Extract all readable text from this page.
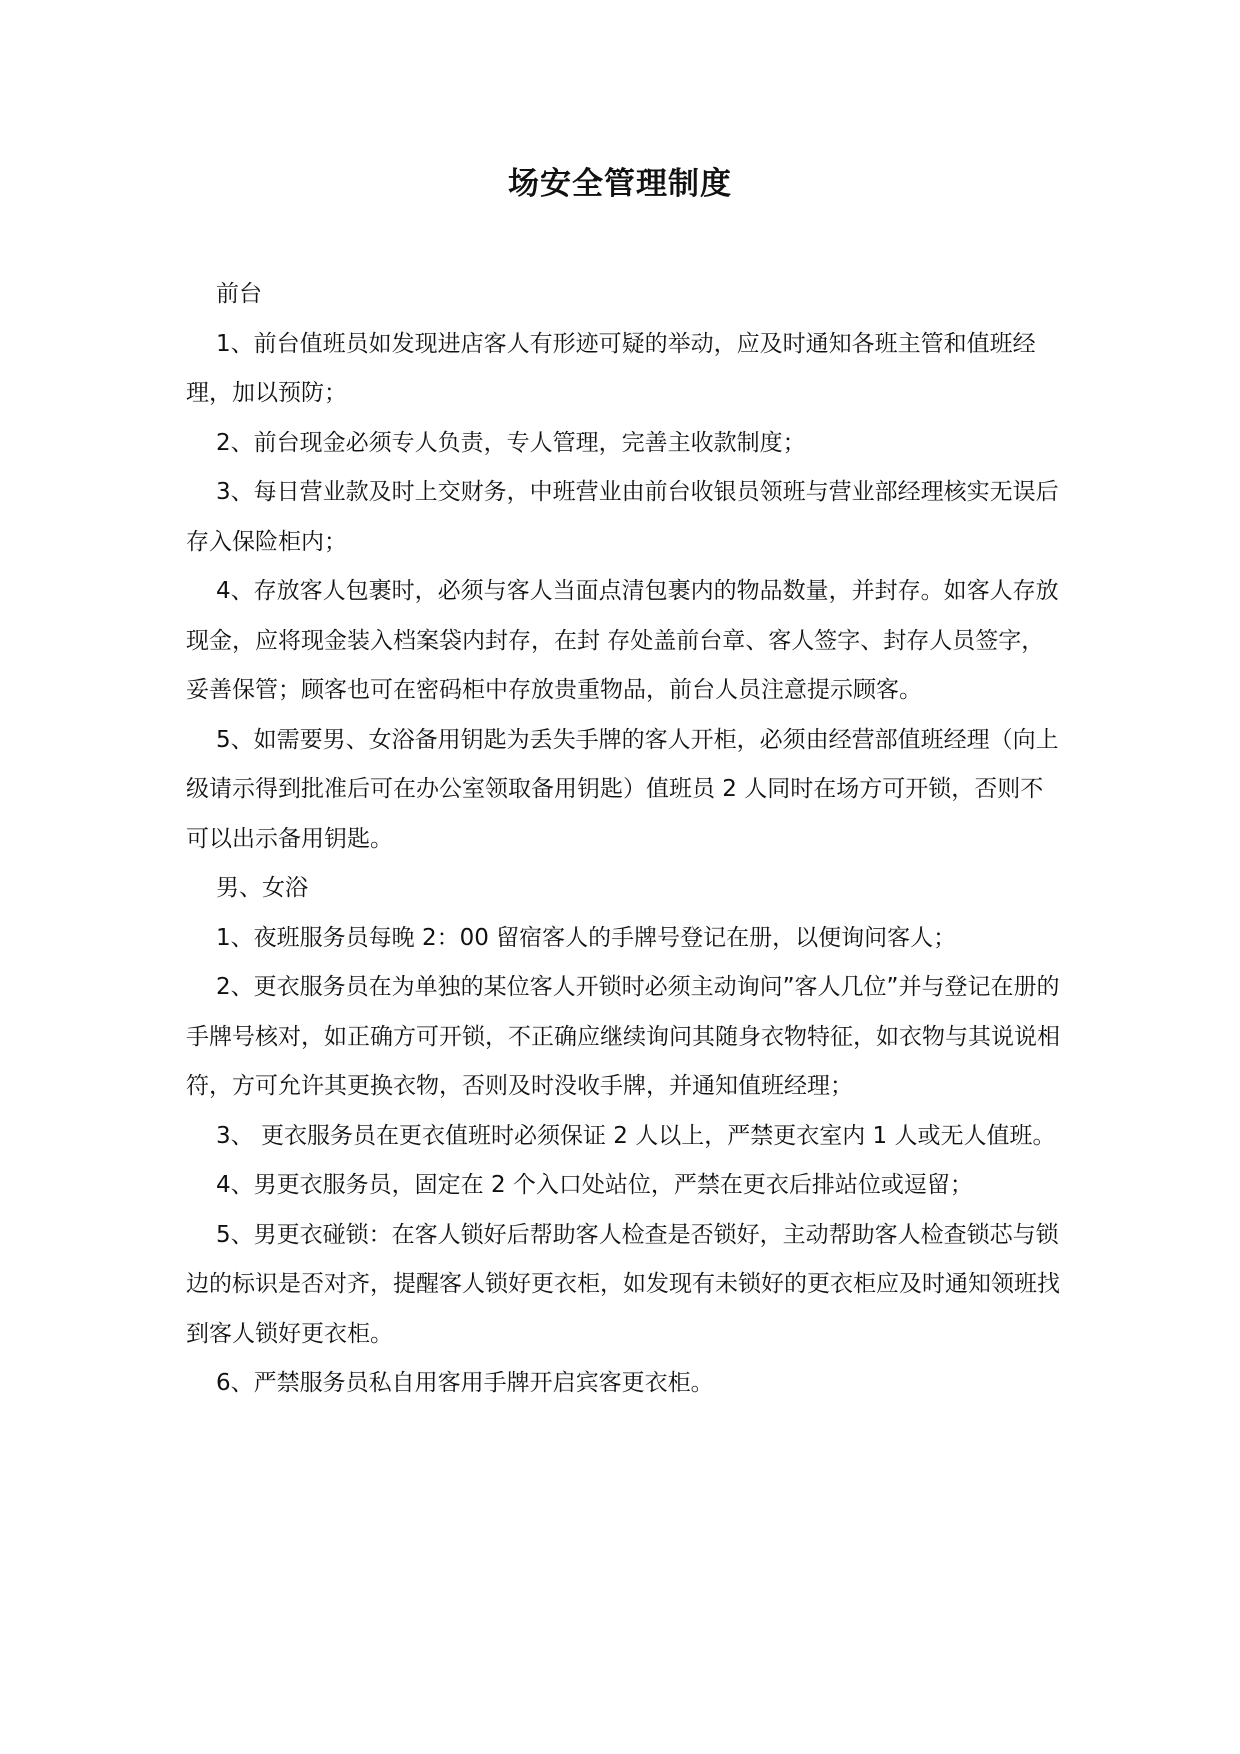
场安全管理制度

前台

1、前台值班员如发现进店客人有形迹可疑的举动，应及时通知各班主管和值班经理，加以预防；

2、前台现金必须专人负责，专人管理，完善主收款制度；

3、每日营业款及时上交财务，中班营业由前台收银员领班与营业部经理核实无误后存入保险柜内；

4、存放客人包裹时，必须与客人当面点清包裹内的物品数量，并封存。如客人存放现金，应将现金装入档案袋内封存，在封 存处盖前台章、客人签字、封存人员签字，妥善保管；顾客也可在密码柜中存放贵重物品，前台人员注意提示顾客。

5、如需要男、女浴备用钥匙为丢失手牌的客人开柜，必须由经营部值班经理（向上级请示得到批准后可在办公室领取备用钥匙）值班员 2 人同时在场方可开锁，否则不可以出示备用钥匙。

男、女浴

1、夜班服务员每晚 2：00 留宿客人的手牌号登记在册，以便询问客人；

2、更衣服务员在为单独的某位客人开锁时必须主动询问”客人几位”并与登记在册的手牌号核对，如正确方可开锁，不正确应继续询问其随身衣物特征，如衣物与其说说相符，方可允许其更换衣物，否则及时没收手牌，并通知值班经理；

3、 更衣服务员在更衣值班时必须保证 2 人以上，严禁更衣室内 1 人或无人值班。

4、男更衣服务员，固定在 2 个入口处站位，严禁在更衣后排站位或逗留；

5、男更衣碰锁：在客人锁好后帮助客人检查是否锁好，主动帮助客人检查锁芯与锁边的标识是否对齐，提醒客人锁好更衣柜，如发现有未锁好的更衣柜应及时通知领班找到客人锁好更衣柜。

6、严禁服务员私自用客用手牌开启宾客更衣柜。
